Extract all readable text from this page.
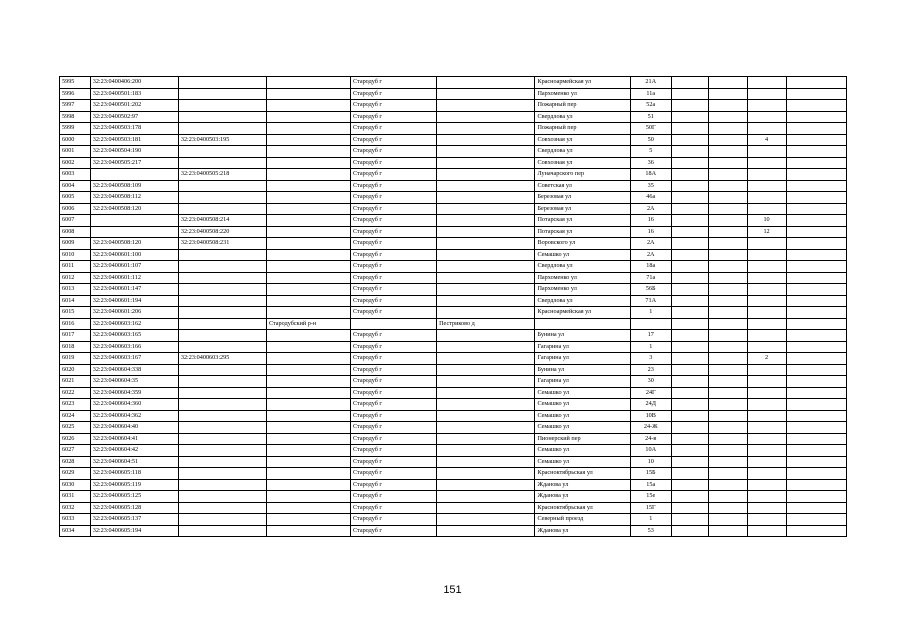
5995	32:23:0400406:200			Стародуб г		Красноармейская ул	21А				
5996	32:23:0400501:183			Стародуб г		Пархоменко ул	11а				
5997	32:23:0400501:202			Стародуб г		Пожарный пер	52а				
5998	32:23:0400502:97			Стародуб г		Свердлова ул	51				
5999	32:23:0400503:178			Стародуб г		Пожарный пер	50Г				
6000	32:23:0400503:181	32:23:0400503:195		Стародуб г		Совхозная ул	50			4	
6001	32:23:0400504:190			Стародуб г		Свердлова ул	5				
6002	32:23:0400505:217			Стародуб г		Совхозная ул	36				
6003		32:23:0400505:218		Стародуб г		Луначарского пер	18А				
6004	32:23:0400508:109			Стародуб г		Советская ул	35				
6005	32:23:0400508:112			Стародуб г		Березовая ул	46а				
6006	32:23:0400508:120			Стародуб г		Березовая ул	2А				
6007		32:23:0400508:214		Стародуб г		Потарская ул	16			10	
6008		32:23:0400508:220		Стародуб г		Потарская ул	16			12	
6009	32:23:0400508:120	32:23:0400508:231		Стародуб г		Воровского ул	2А				
6010	32:23:0400601:100			Стародуб г		Семашко ул	2А				
6011	32:23:0400601:107			Стародуб г		Свердлова ул	18а				
6012	32:23:0400601:112			Стародуб г		Пархоменко ул	71а				
6013	32:23:0400601:147			Стародуб г		Пархоменко ул	56Б				
6014	32:23:0400601:194			Стародуб г		Свердлова ул	71А				
6015	32:23:0400601:206			Стародуб г		Красноармейская ул	1				
6016	32:23:0400603:162		Стародубский р-н		Пестриково д						
6017	32:23:0400603:165			Стародуб г		Бунина ул	17				
6018	32:23:0400603:166			Стародуб г		Гагарина ул	1				
6019	32:23:0400603:167	32:23:0400603:295		Стародуб г		Гагарина ул	3			2	
6020	32:23:0400604:338			Стародуб г		Бунина ул	23				
6021	32:23:0400604:35			Стародуб г		Гагарина ул	30				
6022	32:23:0400604:359			Стародуб г		Семашко ул	24Г				
6023	32:23:0400604:360			Стародуб г		Семашко ул	24Д				
6024	32:23:0400604:362			Стародуб г		Семашко ул	10В				
6025	32:23:0400604:40			Стародуб г		Семашко ул	24-Ж				
6026	32:23:0400604:41			Стародуб г		Пионерский пер	24-в				
6027	32:23:0400604:42			Стародуб г		Семашко ул	10А				
6028	32:23:0400604:51			Стародуб г		Семашко ул	10				
6029	32:23:0400605:118			Стародуб г		Красноктябрьская ул	15Б				
6030	32:23:0400605:119			Стародуб г		Жданова ул	15а				
6031	32:23:0400605:125			Стародуб г		Жданова ул	15е				
6032	32:23:0400605:128			Стародуб г		Красноктябрьская ул	15Г				
6033	32:23:0400605:137			Стародуб г		Северный проезд	1				
6034	32:23:0400605:194			Стародуб г		Жданова ул	53				
151
